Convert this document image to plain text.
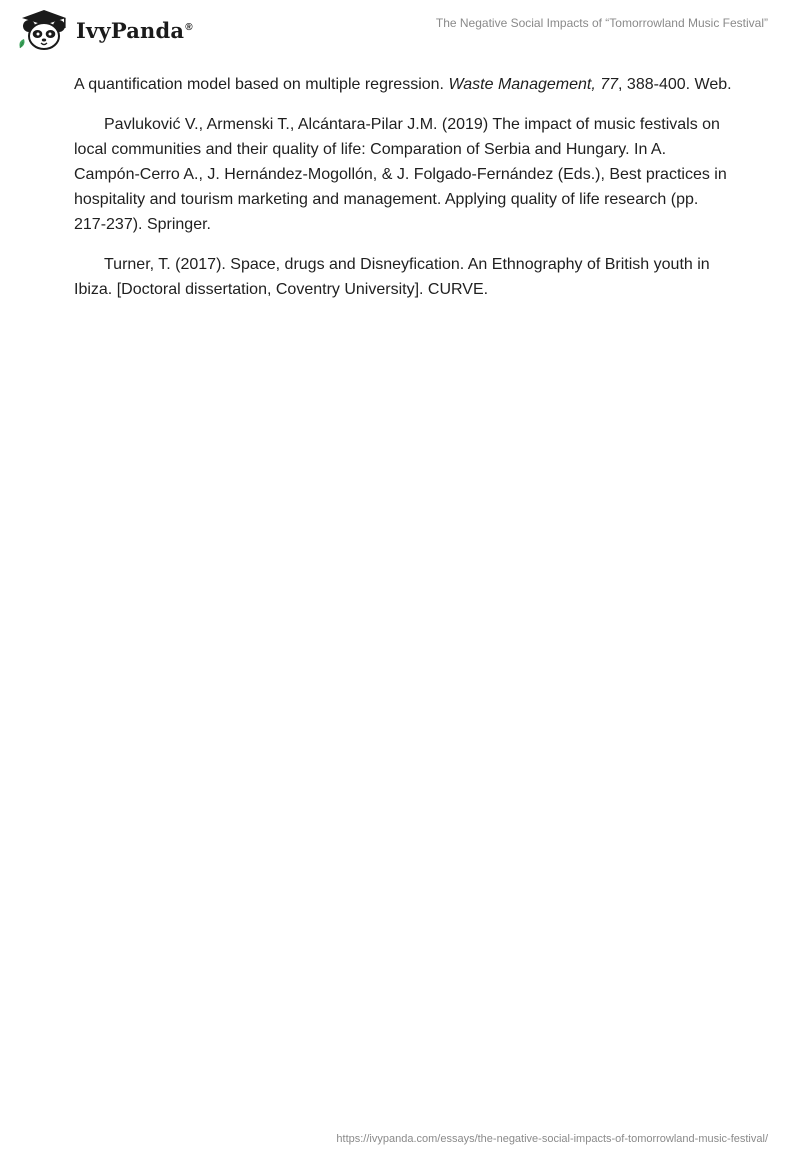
IvyPanda®	The Negative Social Impacts of “Tomorrowland Music Festival”

A quantification model based on multiple regression. Waste Management, 77, 388-400. Web.

Pavluković V., Armenski T., Alcántara-Pilar J.M. (2019) The impact of music festivals on local communities and their quality of life: Comparation of Serbia and Hungary. In A. Campón-Cerro A., J. Hernández-Mogollón, & J. Folgado-Fernández (Eds.), Best practices in hospitality and tourism marketing and management. Applying quality of life research (pp. 217-237). Springer.

Turner, T. (2017). Space, drugs and Disneyfication. An Ethnography of British youth in Ibiza. [Doctoral dissertation, Coventry University]. CURVE.

https://ivypanda.com/essays/the-negative-social-impacts-of-tomorrowland-music-festival/
